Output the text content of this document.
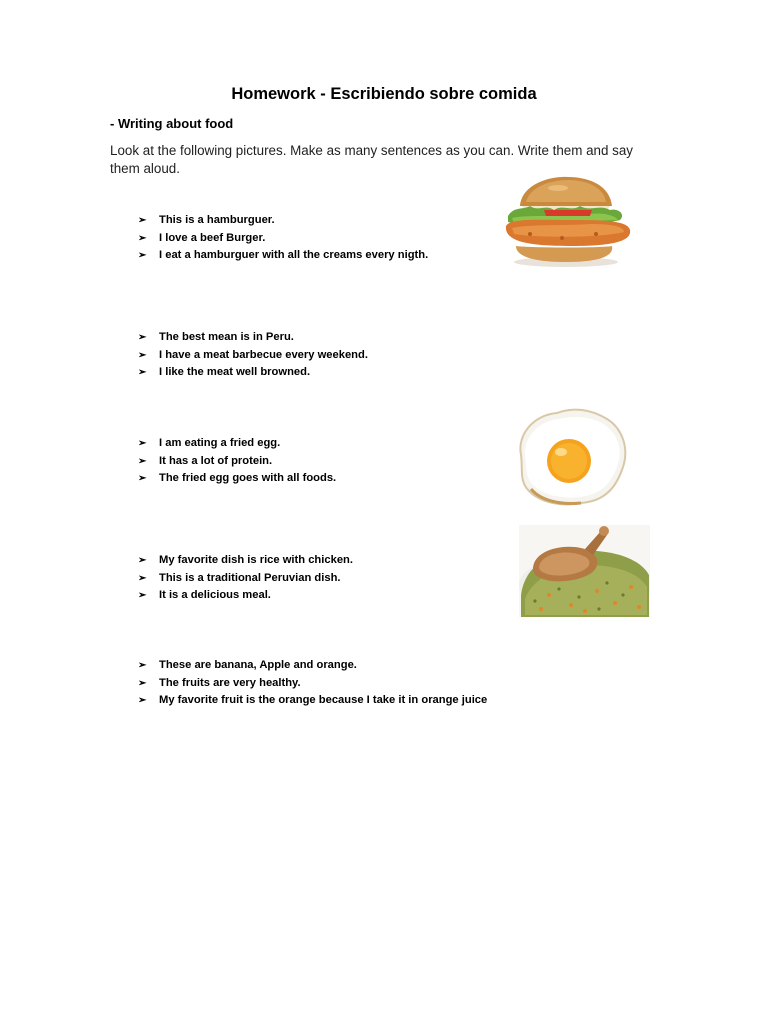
Homework - Escribiendo sobre comida

- Writing about food

Look at the following pictures. Make as many sentences as you can. Write them and say them aloud.

➢ This is a hamburguer.
➢ I love a beef Burger.
➢ I eat a hamburguer with all the creams every nigth.
➢ The best mean is in Peru.
➢ I have a meat barbecue every weekend.
➢ I like the meat well browned.
➢ I am eating a fried egg.
➢ It has a lot of protein.
➢ The fried egg goes with all foods.
➢ My favorite dish is rice with chicken.
➢ This is a traditional Peruvian dish.
➢ It is a delicious meal.
➢ These are banana, Apple and orange.
➢ The fruits are very healthy.
➢ My favorite fruit is the orange because I take it in orange juice
